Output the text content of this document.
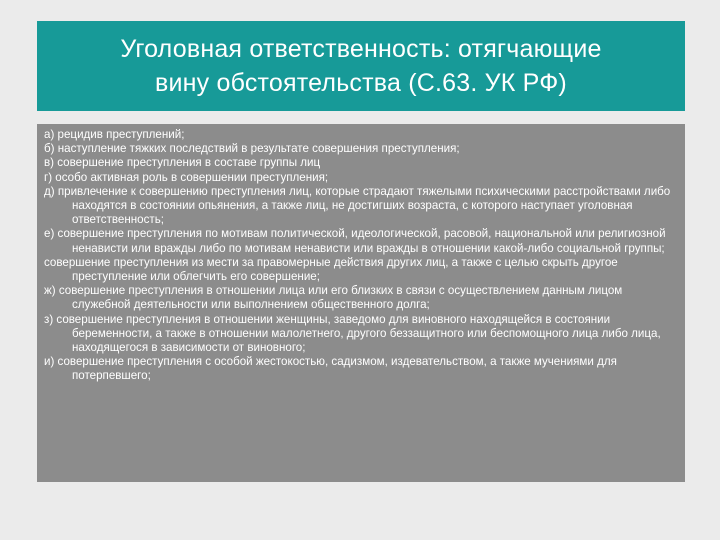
Уголовная ответственность: отягчающие
вину обстоятельства (С.63. УК РФ)

а) рецидив преступлений;

б) наступление тяжких последствий в результате совершения преступления;

в) совершение преступления в составе группы лиц

г) особо активная роль в совершении преступления;

д) привлечение к совершению преступления лиц, которые страдают тяжелыми психическими расстройствами либо находятся в состоянии опьянения, а также лиц, не достигших возраста, с которого наступает уголовная ответственность;

е) совершение преступления по мотивам политической, идеологической, расовой, национальной или религиозной ненависти или вражды либо по мотивам ненависти или вражды в отношении какой-либо социальной группы;

совершение преступления из мести за правомерные действия других лиц, а также с целью скрыть другое преступление или облегчить его совершение;

ж) совершение преступления в отношении лица или его близких в связи с осуществлением данным лицом служебной деятельности или выполнением общественного долга;

з) совершение преступления в отношении женщины, заведомо для виновного находящейся в состоянии беременности, а также в отношении малолетнего, другого беззащитного или беспомощного лица либо лица, находящегося в зависимости от виновного;

и) совершение преступления с особой жестокостью, садизмом, издевательством, а также мучениями для потерпевшего;
